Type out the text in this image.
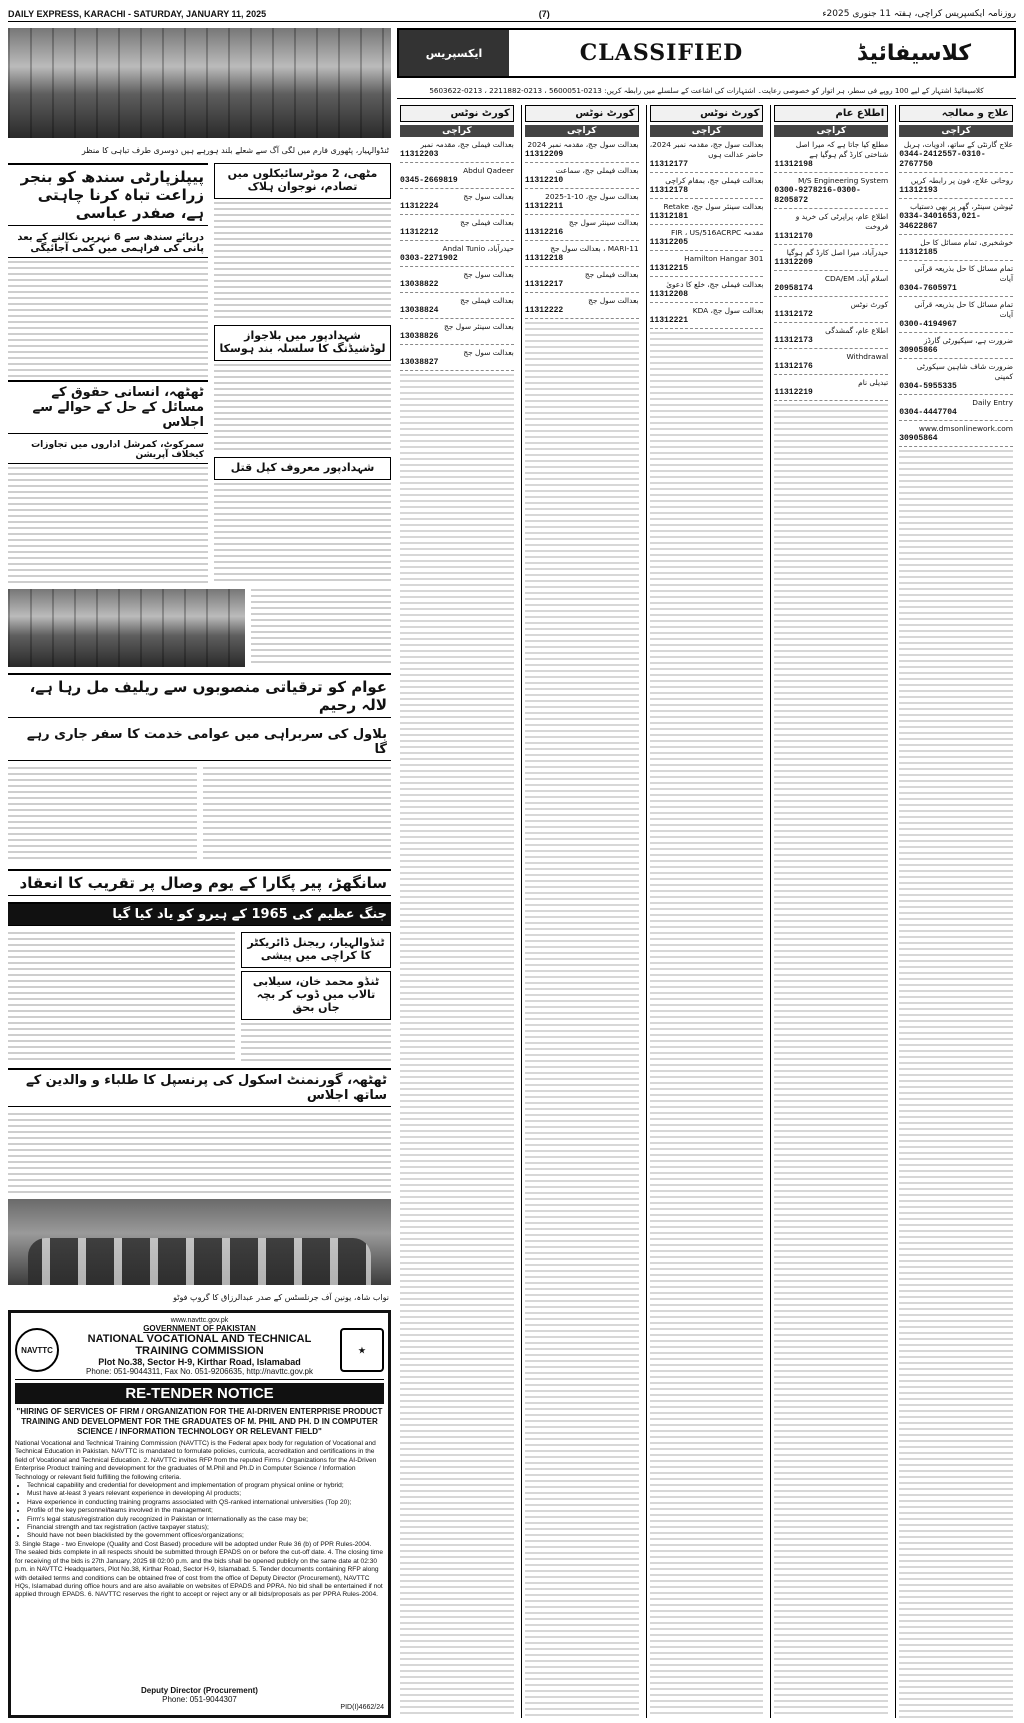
DAILY EXPRESS, KARACHI - SATURDAY, JANUARY 11, 2025	(7)	روزنامہ ایکسپریس کراچی، ہفتہ 11 جنوری 2025ء
ٹنڈوالہیار، پٹھوری فارم میں لگی آگ سے شعلے بلند ہورہے ہیں دوسری طرف تباہی کا منظر
پیپلزپارٹی سندھ کو بنجر زراعت تباہ کرنا چاہتی ہے، صفدر عباسی
دریائے سندھ سے 6 نہریں نکالنے کے بعد پانی کی فراہمی میں کمی آجائیگی
ٹھٹھہ، انسانی حقوق کے مسائل کے حل کے حوالے سے اجلاس
سمرکوٹ، کمرشل اداروں میں تجاوزات کیخلاف آپریشن
مٹھی، 2 موٹرسائیکلوں میں تصادم، نوجوان ہلاک
شہدادپور میں بلاجواز لوڈشیڈنگ کا سلسلہ بند ہوسکا
شہدادپور معروف کپل قتل
عوام کو ترقیاتی منصوبوں سے ریلیف مل رہا ہے، لالہ رحیم
بلاول کی سربراہی میں عوامی خدمت کا سفر جاری رہے گا
سانگھڑ، پیر پگارا کے یوم وصال پر تقریب کا انعقاد
جنگ عظیم کی 1965 کے ہیرو کو یاد کیا گیا
ٹنڈوالہیار، ریجنل ڈائریکٹر کا کراچی میں پیشی
ٹنڈو محمد خان، سیلابی تالاب میں ڈوب کر بچہ جاں بحق
ٹھٹھہ، گورنمنٹ اسکول کی پرنسپل کا طلباء و والدین کے ساتھ اجلاس
نواب شاہ، یونین آف جرنلسٹس کے صدر عبدالرزاق کا گروپ فوٹو
www.navttc.gov.pk
NAVTTC
GOVERNMENT OF PAKISTAN
NATIONAL VOCATIONAL AND TECHNICAL TRAINING COMMISSION
Plot No.38, Sector H-9, Kirthar Road, Islamabad
Phone: 051-9044311, Fax No. 051-9206635, http://navttc.gov.pk
★
RE-TENDER NOTICE
"HIRING OF SERVICES OF FIRM / ORGANIZATION FOR THE AI-DRIVEN ENTERPRISE PRODUCT TRAINING AND DEVELOPMENT FOR THE GRADUATES OF M. PHIL AND PH. D IN COMPUTER SCIENCE / INFORMATION TECHNOLOGY OR RELEVANT FIELD"

National Vocational and Technical Training Commission (NAVTTC) is the Federal apex body for regulation of Vocational and Technical Education in Pakistan. NAVTTC is mandated to formulate policies, curricula, accreditation and certifications in the field of Vocational and Technical Education. 2. NAVTTC invites RFP from the reputed Firms / Organizations for the AI-Driven Enterprise Product training and development for the graduates of M.Phil and Ph.D in Computer Science / Information Technology or relevant field fulfilling the following criteria.

• Technical capability and credential for development and implementation of program physical online or hybrid;
• Must have at-least 3 years relevant experience in developing AI products;
• Have experience in conducting training programs associated with QS-ranked international universities (Top 20);
• Profile of the key personnel/teams involved in the management;
• Firm's legal status/registration duly recognized in Pakistan or Internationally as the case may be;
• Financial strength and tax registration (active taxpayer status);
• Should have not been blacklisted by the government offices/organizations;

3. Single Stage - two Envelope (Quality and Cost Based) procedure will be adopted under Rule 36 (b) of PPR Rules-2004. The sealed bids complete in all respects should be submitted through EPADS on or before the cut-off date. 4. The closing time for receiving of the bids is 27th January, 2025 till 02:00 p.m. and the bids shall be opened publicly on the same date at 02:30 p.m. in NAVTTC Headquarters, Plot No.38, Kirthar Road, Sector H-9, Islamabad. 5. Tender documents containing RFP along with detailed terms and conditions can be obtained free of cost from the office of Deputy Director (Procurement), NAVTTC HQs, Islamabad during office hours and are also available on websites of EPADS and PPRA. No bid shall be entertained if not applied through EPADS. 6. NAVTTC reserves the right to accept or reject any or all bids/proposals as per PPRA Rules-2004.

Deputy Director (Procurement)
Phone: 051-9044307
PID(I)4662/24
ایکسپریس	CLASSIFIED	کلاسیفائیڈ
کلاسیفائیڈ اشتہار کے لیے 100 روپے فی سطر، ہر اتوار کو خصوصی رعایت۔ اشتہارات کی اشاعت کے سلسلے میں رابطہ کریں: 0213-5600051 ، 0213-2211882 ، 0213-5603622
علاج و معالجہ
کراچی
علاج گارنٹی کے ساتھ، ادویات، ہربل
0344-2412557-0310-2767750
روحانی علاج، فون پر رابطہ کریں
11312193
ٹیوشن سینٹر، گھر پر بھی دستیاب
0334-3401653,021-34622867
خوشخبری، تمام مسائل کا حل
11312185
تمام مسائل کا حل بذریعہ قرآنی آیات
0304-7605971
تمام مسائل کا حل بذریعہ قرآنی آیات
0300-4194967
ضرورت ہے، سیکیورٹی گارڈز
30905866
ضرورت شاف شاہین سیکورٹی کمپنی
0304-5955335
Daily Entry
0304-4447704
www.dmsonlinework.com
30905864
اطلاع عام
کراچی
مطلع کیا جاتا ہے کہ میرا اصل شناختی کارڈ گم ہوگیا ہے
11312198
M/S Engineering System
0300-9278216-0300-8205872
اطلاع عام، پراپرٹی کی خرید و فروخت
11312170
حیدرآباد، میرا اصل کارڈ گم ہوگیا
11312209
اسلام آباد، CDA/EM
20958174
کورٹ نوٹس
11312172
اطلاع عام، گمشدگی
11312173
Withdrawal
11312176
تبدیلی نام
11312219
کورٹ نوٹس
کراچی
بعدالت سول جج، مقدمہ نمبر 2024، حاضر عدالت ہوں
11312177
بعدالت فیملی جج، بمقام کراچی
11312178
بعدالت سینئر سول جج، Retake
11312181
مقدمہ FIR ، US/516ACRPC
11312205
Hamilton Hangar 301
11312215
بعدالت فیملی جج، خلع کا دعویٰ
11312208
بعدالت سول جج، KDA
11312221
کورٹ نوٹس
کراچی
بعدالت سول جج، مقدمہ نمبر 2024
11312209
بعدالت فیملی جج، سماعت
11312210
بعدالت سول جج، 10-1-2025
11312211
بعدالت سینئر سول جج
11312216
MARI-11 ، بعدالت سول جج
11312218
بعدالت فیملی جج
11312217
بعدالت سول جج
11312222
کورٹ نوٹس
کراچی
بعدالت فیملی جج، مقدمہ نمبر
11312203
Abdul Qadeer
0345-2669819
بعدالت سول جج
11312224
بعدالت فیملی جج
11312212
حیدرآباد، Andal Tunio
0303-2271902
بعدالت سول جج
13038822
بعدالت فیملی جج
13038824
بعدالت سینئر سول جج
13038826
بعدالت سول جج
13038827
